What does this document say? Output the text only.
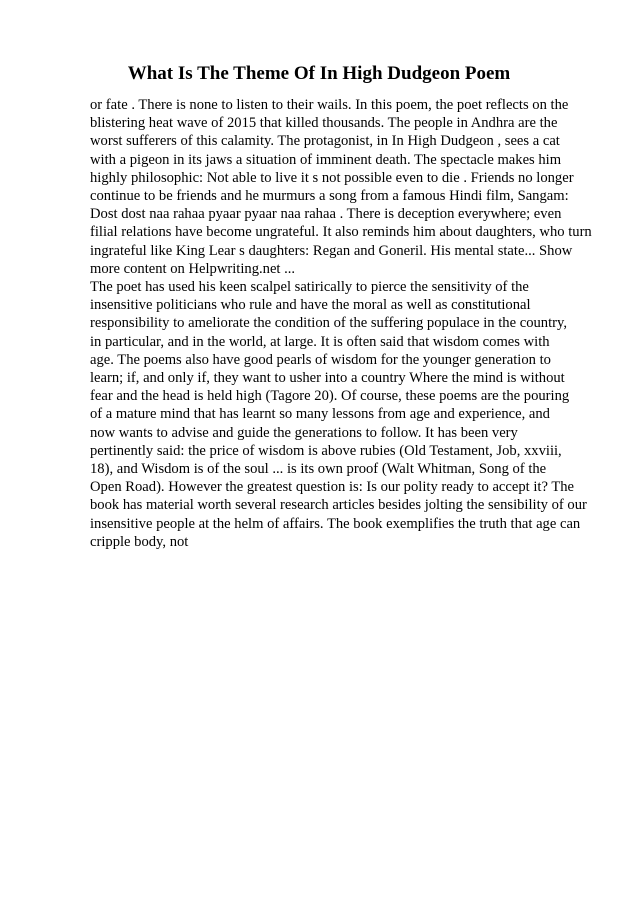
What Is The Theme Of In High Dudgeon Poem
or fate . There is none to listen to their wails. In this poem, the poet reflects on the
blistering heat wave of 2015 that killed thousands. The people in Andhra are the
worst sufferers of this calamity. The protagonist, in In High Dudgeon , sees a cat
with a pigeon in its jaws a situation of imminent death. The spectacle makes him
highly philosophic: Not able to live it s not possible even to die . Friends no longer
continue to be friends and he murmurs a song from a famous Hindi film, Sangam:
Dost dost naa rahaa pyaar pyaar naa rahaa . There is deception everywhere; even
filial relations have become ungrateful. It also reminds him about daughters, who turn
ingrateful like King Lear s daughters: Regan and Goneril. His mental state... Show
more content on Helpwriting.net ...
The poet has used his keen scalpel satirically to pierce the sensitivity of the
insensitive politicians who rule and have the moral as well as constitutional
responsibility to ameliorate the condition of the suffering populace in the country,
in particular, and in the world, at large. It is often said that wisdom comes with
age. The poems also have good pearls of wisdom for the younger generation to
learn; if, and only if, they want to usher into a country Where the mind is without
fear and the head is held high (Tagore 20). Of course, these poems are the pouring
of a mature mind that has learnt so many lessons from age and experience, and
now wants to advise and guide the generations to follow. It has been very
pertinently said: the price of wisdom is above rubies (Old Testament, Job, xxviii,
18), and Wisdom is of the soul ... is its own proof (Walt Whitman, Song of the
Open Road). However the greatest question is: Is our polity ready to accept it? The
book has material worth several research articles besides jolting the sensibility of our
insensitive people at the helm of affairs. The book exemplifies the truth that age can
cripple body, not
